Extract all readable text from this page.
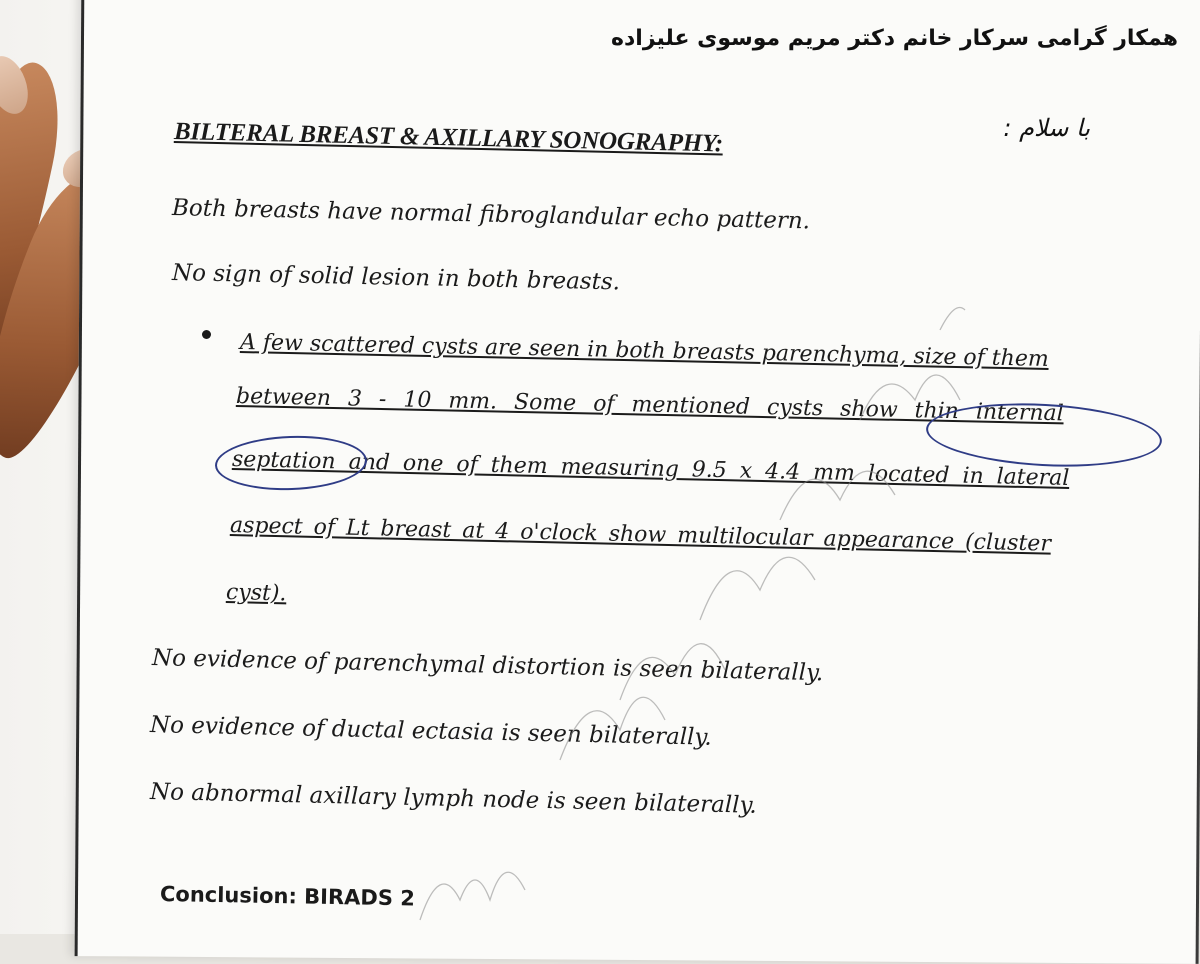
همکار گرامی سرکار خانم دکتر مریم موسوی علیزاده
با سلام :
BILTERAL BREAST & AXILLARY SONOGRAPHY:
Both breasts have normal fibroglandular echo pattern.
No sign of solid lesion in both breasts.
A few scattered cysts are seen in both breasts parenchyma, size of them
between 3 - 10 mm. Some of mentioned cysts show thin internal
septation and one of them measuring 9.5 x 4.4 mm located in lateral
aspect of Lt breast at 4 o'clock show multilocular appearance (cluster
cyst).
No evidence of parenchymal distortion is seen bilaterally.
No evidence of ductal ectasia is seen bilaterally.
No abnormal axillary lymph node is seen bilaterally.
Conclusion: BIRADS 2
